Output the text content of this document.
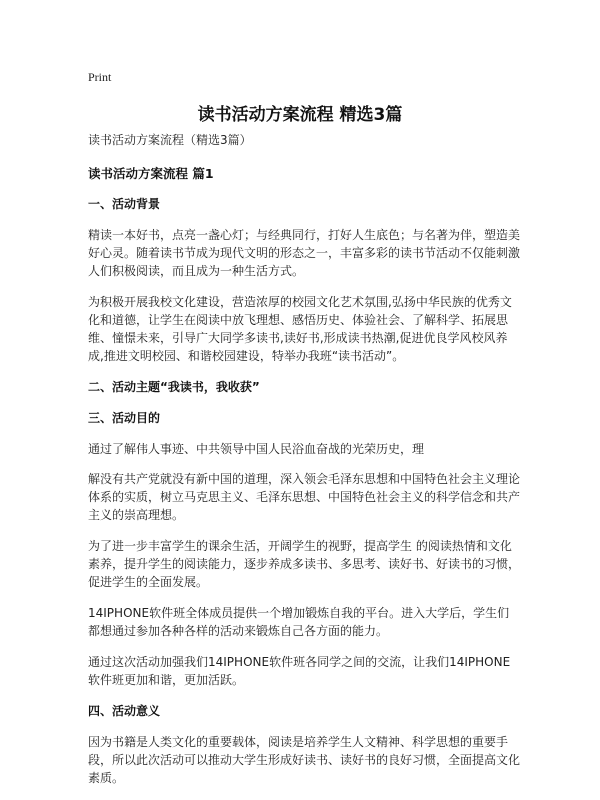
Print
读书活动方案流程 精选3篇

读书活动方案流程（精选3篇）

读书活动方案流程 篇1
一、活动背景

精读一本好书，点亮一盏心灯；与经典同行，打好人生底色；与名著为伴，塑造美好心灵。随着读书节成为现代文明的形态之一，丰富多彩的读书节活动不仅能刺激人们积极阅读，而且成为一种生活方式。

为积极开展我校文化建设，营造浓厚的校园文化艺术氛围,弘扬中华民族的优秀文化和道德，让学生在阅读中放飞理想、感悟历史、体验社会、了解科学、拓展思维、憧憬未来，引导广大同学多读书,读好书,形成读书热潮,促进优良学风校风养成,推进文明校园、和谐校园建设，特举办我班“读书活动”。

二、活动主题“我读书，我收获”
三、活动目的

通过了解伟人事迹、中共领导中国人民浴血奋战的光荣历史，理

解没有共产党就没有新中国的道理，深入领会毛泽东思想和中国特色社会主义理论体系的实质，树立马克思主义、毛泽东思想、中国特色社会主义的科学信念和共产主义的崇高理想。

为了进一步丰富学生的课余生活，开阔学生的视野，提高学生 的阅读热情和文化素养，提升学生的阅读能力，逐步养成多读书、多思考、读好书、好读书的习惯，促进学生的全面发展。

14IPHONE软件班全体成员提供一个增加锻炼自我的平台。进入大学后，学生们都想通过参加各种各样的活动来锻炼自己各方面的能力。

通过这次活动加强我们14IPHONE软件班各同学之间的交流，让我们14IPHONE软件班更加和谐，更加活跃。

四、活动意义

因为书籍是人类文化的重要载体，阅读是培养学生人文精神、科学思想的重要手段，所以此次活动可以推动大学生形成好读书、读好书的良好习惯，全面提高文化素质。
